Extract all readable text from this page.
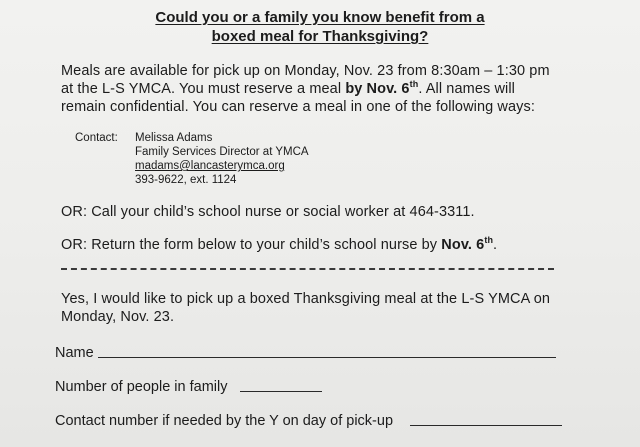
Could you or a family you know benefit from a
boxed meal for Thanksgiving?
Meals are available for pick up on Monday, Nov. 23 from 8:30am – 1:30 pm
at the L-S YMCA. You must reserve a meal by Nov. 6th. All names will
remain confidential. You can reserve a meal in one of the following ways:
Contact: Melissa Adams
Family Services Director at YMCA
madams@lancasterymca.org
393-9622, ext. 1124
OR: Call your child’s school nurse or social worker at 464-3311.
OR: Return the form below to your child’s school nurse by Nov. 6th.
Yes, I would like to pick up a boxed Thanksgiving meal at the L-S YMCA on
Monday, Nov. 23.
Name
Number of people in family
Contact number if needed by the Y on day of pick-up
